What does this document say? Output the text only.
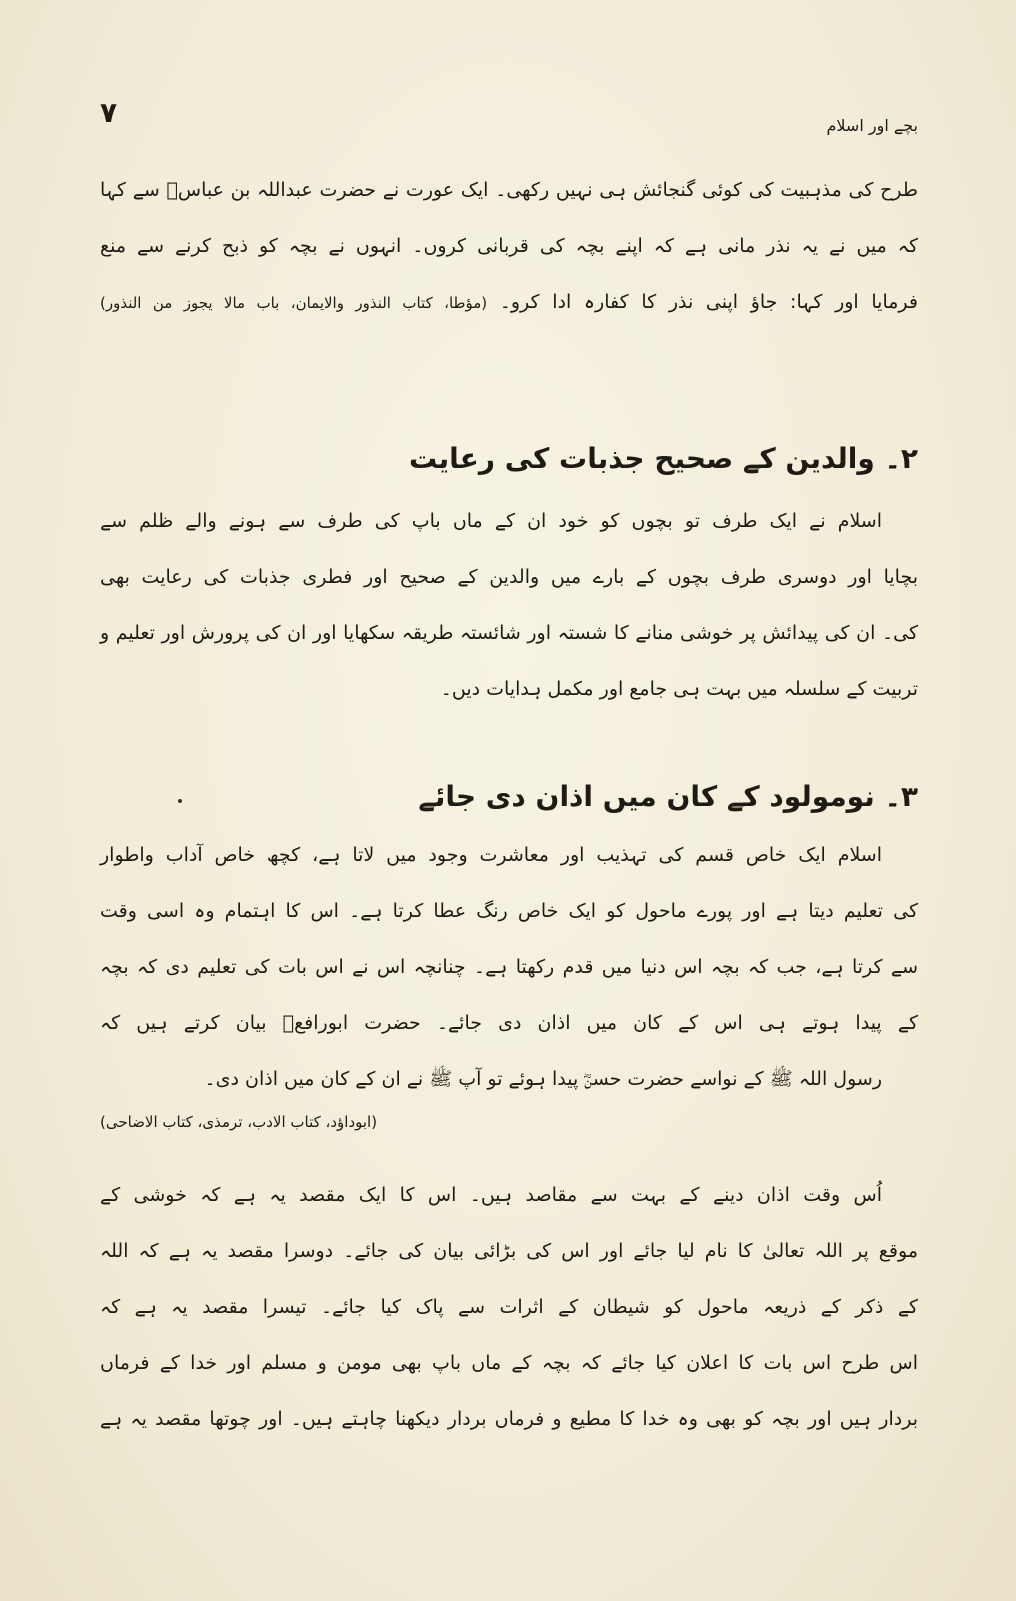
۷	بچے اور اسلام
طرح کی مذہبیت کی کوئی گنجائش ہی نہیں رکھی۔ ایک عورت نے حضرت عبداللہ بن عباسؓ سے کہا
کہ میں نے یہ نذر مانی ہے کہ اپنے بچہ کی قربانی کروں۔ انہوں نے بچہ کو ذبح کرنے سے منع
فرمایا اور کہا: جاؤ اپنی نذر کا کفارہ ادا کرو۔ (مؤطا، کتاب النذور والایمان، باب مالا یجوز من النذور)
۲۔ والدین کے صحیح جذبات کی رعایت
اسلام نے ایک طرف تو بچوں کو خود ان کے ماں باپ کی طرف سے ہونے والے ظلم سے
بچایا اور دوسری طرف بچوں کے بارے میں والدین کے صحیح اور فطری جذبات کی رعایت بھی
کی۔ ان کی پیدائش پر خوشی منانے کا شستہ اور شائستہ طریقہ سکھایا اور ان کی پرورش اور تعلیم و
تربیت کے سلسلہ میں بہت ہی جامع اور مکمل ہدایات دیں۔
۳۔ نومولود کے کان میں اذان دی جائے
اسلام ایک خاص قسم کی تہذیب اور معاشرت وجود میں لاتا ہے، کچھ خاص آداب واطوار
کی تعلیم دیتا ہے اور پورے ماحول کو ایک خاص رنگ عطا کرتا ہے۔ اس کا اہتمام وہ اسی وقت
سے کرتا ہے، جب کہ بچہ اس دنیا میں قدم رکھتا ہے۔ چنانچہ اس نے اس بات کی تعلیم دی کہ بچہ
کے پیدا ہوتے ہی اس کے کان میں اذان دی جائے۔ حضرت ابورافعؓ بیان کرتے ہیں کہ
رسول اللہ ﷺ کے نواسے حضرت حسنؓ پیدا ہوئے تو آپ ﷺ نے ان کے کان میں اذان دی۔
(ابوداؤد، کتاب الادب، ترمذی، کتاب الاضاحی)
اُس وقت اذان دینے کے بہت سے مقاصد ہیں۔ اس کا ایک مقصد یہ ہے کہ خوشی کے
موقع پر اللہ تعالیٰ کا نام لیا جائے اور اس کی بڑائی بیان کی جائے۔ دوسرا مقصد یہ ہے کہ اللہ
کے ذکر کے ذریعہ ماحول کو شیطان کے اثرات سے پاک کیا جائے۔ تیسرا مقصد یہ ہے کہ
اس طرح اس بات کا اعلان کیا جائے کہ بچہ کے ماں باپ بھی مومن و مسلم اور خدا کے فرماں
بردار ہیں اور بچہ کو بھی وہ خدا کا مطیع و فرماں بردار دیکھنا چاہتے ہیں۔ اور چوتھا مقصد یہ ہے
